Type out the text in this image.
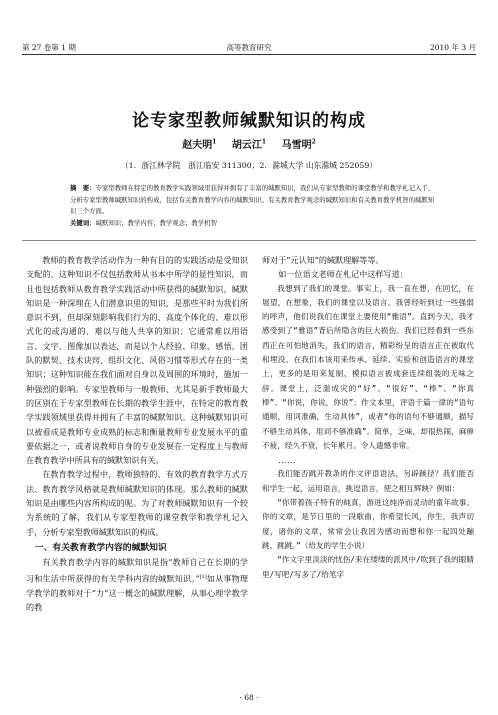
第 27 卷第 1 期	高等教育研究	2010 年 3 月
论专家型教师缄默知识的构成
赵夫明$^1$ 胡云江$^1$ 马雪明$^2$
（1．浙江林学院　浙江临安 311300；2．滁城大学 山东滁城 252059）
摘　要：专家型教师在特定的教育教学实践领域里获得并拥有了丰富的缄默知识，我们从专家型教师的课堂教学和教学札记入手，分析专家型教师缄默知识的构成，包括有关教育教学内容的缄默知识、有关教育教学观念的缄默知识和有关教育教学机智的缄默知识三个方面。
关键词：缄默知识；教学内容；教学观念；教学机智

教师的教育教学活动作为一种有目的的实践活动是受知识支配的，这种知识不仅包括教师从书本中所学的显性知识，而且也包括教师从教育教学实践活动中所获得的缄默知识。缄默知识是一种深埋在人们潜意识里的知识，是那些平时为我们所意识不到，但却深刻影响我们行为的、高度个体化的、难以形式化的或沟通的、难以与他人共享的知识；它通常难以用语言、文字、图像加以表达，而是以个人经验、印象、感悟、团队的默契、技术诀窍、组织文化、风俗习惯等形式存在的一类知识；这种知识能在我们面对自身以及周围的环境时，施加一种强烈的影响。专家型教师与一般教师、尤其是新手教师最大的区别在于专家型教师在长期的教学生涯中，在特定的教育教学实践领域里获得并拥有了丰富的缄默知识。这种缄默知识可以被看成是教师专业成熟的标志和衡量教师专业发展水平的重要依据之一，或者说教师自身的专业发展在一定程度上与教师在教育教学中所具有的缄默知识有关。

在教育教学过程中，教师独特的、有效的教育教学方式方法、教育教学风格就是教师缄默知识的体现。那么教师的缄默知识是由哪些内容所构成的呢。为了对教师缄默知识有一个较为系统的了解，我们从专家型教师的课堂教学和教学札记入手，分析专家型教师缄默知识的构成。

一、有关教育教学内容的缄默知识

有关教育教学内容的缄默知识是指“教师自己在长期的学习和生活中所获得的有关学科内容的缄默知识。”[1]如从事物理学教学的教师对于“力”这一概念的缄默理解，从事心理学教学的教

师对于“元认知”的缄默理解等等。

如一位语文老师在札记中这样写道：

我想到了我们的课堂。事实上，我一直在想，在回忆，在展望，在想象，我们的课堂以及语言。我曾经听到过一些强弱的呼声，他们说我们在课堂上要使用“雅语”。直到今天，我才感受到了“雅语”背后所隐含的巨大损伤。我们已经看到一些东西正在可怕地消失，我们的语言，精彩纷呈的语言正在被取代和埋没。在我们本该用来传承、延续、实验和创造语言的课堂上，更多的是用来复制、模拟语言被成套连续组装的无味之辞。课堂上，泛滥成灾的“好”、“很好”、“棒”、“你真棒”、“你说，你说，你说”；作文本里，评语千篇一律的“语句通顺，用词准确，生动具体”，或者“你的语句不够通顺，描写不够生动具体，用词不够准确”。简单，乏味，却很热闹，麻痹不疲，经久不衰，长年累月。令人遗憾非常。

……

我们能否跳开教条的作文评语语法，另辟蹊径？我们能否和学生一起，运用语言，挑逗语言，使之相互辉映？例如：

“你带着孩子特有的純真，游进这纯净而灵动的童年故事。你的文章，是节日里的一段歌曲，你希望长风，你生，我声切度，诸你的文章，常常会让我因为感动而想和你一起四处蹦跳、跳跳。”（给友的学生小说）

“作文字里淡淡的忧伤/来在缕缕的派风中/吹到了我的眼睛里/写吧/写多了/给笔字

· 68 ·
